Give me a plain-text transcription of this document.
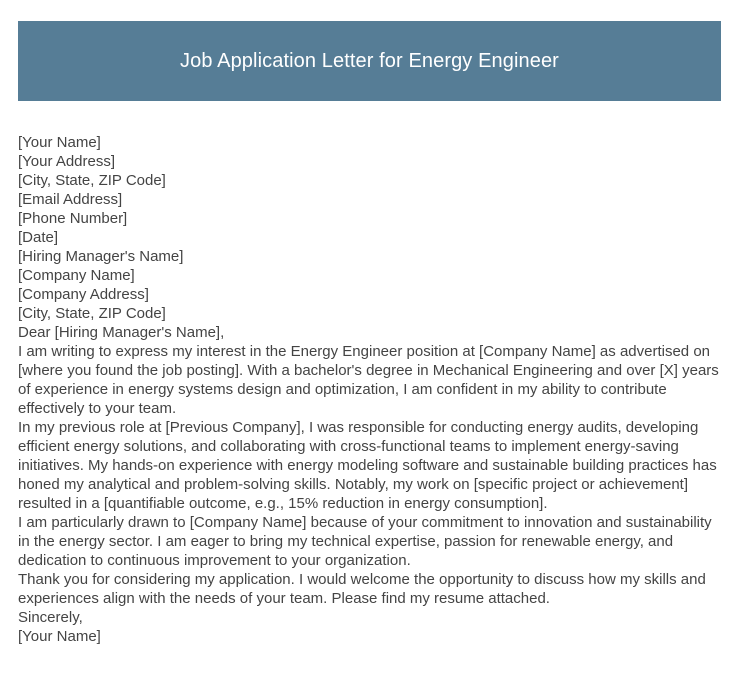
Job Application Letter for Energy Engineer
[Your Name]
[Your Address]
[City, State, ZIP Code]
[Email Address]
[Phone Number]
[Date]
[Hiring Manager's Name]
[Company Name]
[Company Address]
[City, State, ZIP Code]
Dear [Hiring Manager's Name],

I am writing to express my interest in the Energy Engineer position at [Company Name] as advertised on [where you found the job posting]. With a bachelor's degree in Mechanical Engineering and over [X] years of experience in energy systems design and optimization, I am confident in my ability to contribute effectively to your team.

In my previous role at [Previous Company], I was responsible for conducting energy audits, developing efficient energy solutions, and collaborating with cross-functional teams to implement energy-saving initiatives. My hands-on experience with energy modeling software and sustainable building practices has honed my analytical and problem-solving skills. Notably, my work on [specific project or achievement] resulted in a [quantifiable outcome, e.g., 15% reduction in energy consumption].

I am particularly drawn to [Company Name] because of your commitment to innovation and sustainability in the energy sector. I am eager to bring my technical expertise, passion for renewable energy, and dedication to continuous improvement to your organization.

Thank you for considering my application. I would welcome the opportunity to discuss how my skills and experiences align with the needs of your team. Please find my resume attached.

Sincerely,
[Your Name]
